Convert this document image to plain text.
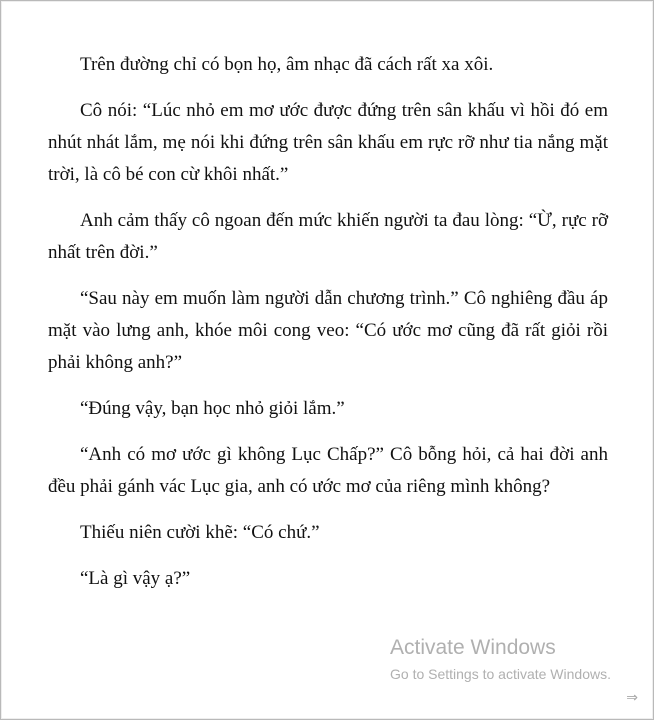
Trên đường chỉ có bọn họ, âm nhạc đã cách rất xa xôi.

Cô nói: “Lúc nhỏ em mơ ước được đứng trên sân khấu vì hồi đó em nhút nhát lắm, mẹ nói khi đứng trên sân khấu em rực rỡ như tia nắng mặt trời, là cô bé con cừ khôi nhất.”

Anh cảm thấy cô ngoan đến mức khiến người ta đau lòng: “Ừ, rực rỡ nhất trên đời.”

“Sau này em muốn làm người dẫn chương trình.” Cô nghiêng đầu áp mặt vào lưng anh, khóe môi cong veo: “Có ước mơ cũng đã rất giỏi rồi phải không anh?”

“Đúng vậy, bạn học nhỏ giỏi lắm.”

“Anh có mơ ước gì không Lục Chấp?” Cô bỗng hỏi, cả hai đời anh đều phải gánh vác Lục gia, anh có ước mơ của riêng mình không?

Thiếu niên cười khẽ: “Có chứ.”

“Là gì vậy ạ?”

Activate Windows
Go to Settings to activate Windows.
⇒
